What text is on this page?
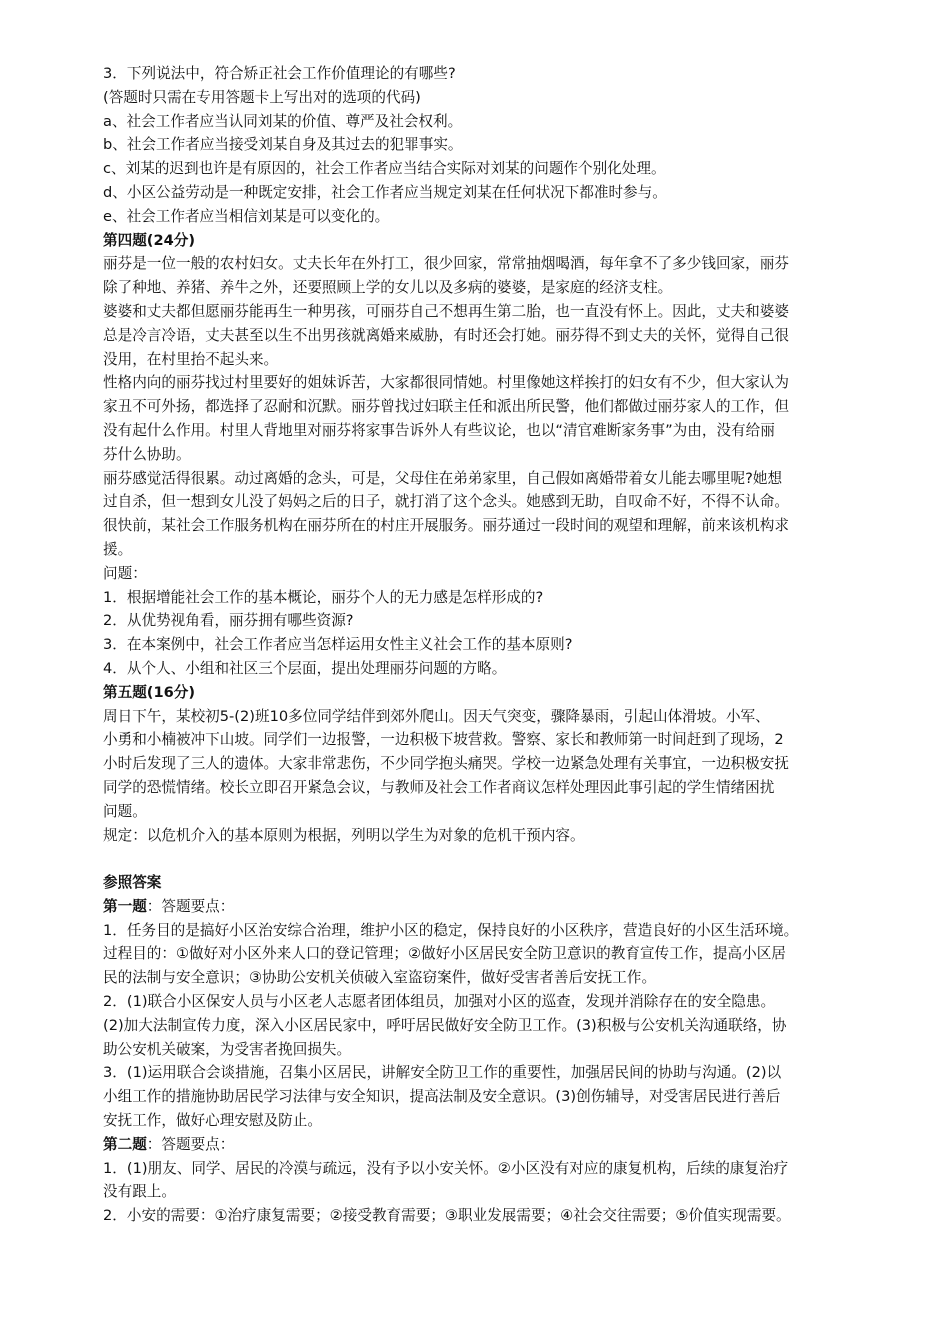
3．下列说法中，符合矫正社会工作价值理论的有哪些?

(答题时只需在专用答题卡上写出对的选项的代码)

a、社会工作者应当认同刘某的价值、尊严及社会权利。

b、社会工作者应当接受刘某自身及其过去的犯罪事实。

c、刘某的迟到也许是有原因的，社会工作者应当结合实际对刘某的问题作个别化处理。

d、小区公益劳动是一种既定安排，社会工作者应当规定刘某在任何状况下都准时参与。

e、社会工作者应当相信刘某是可以变化的。

第四题(24分)

丽芬是一位一般的农村妇女。丈夫长年在外打工，很少回家，常常抽烟喝酒，每年拿不了多少钱回家，丽芬

除了种地、养猪、养牛之外，还要照顾上学的女儿以及多病的婆婆，是家庭的经济支柱。

婆婆和丈夫都但愿丽芬能再生一种男孩，可丽芬自己不想再生第二胎，也一直没有怀上。因此，丈夫和婆婆

总是冷言冷语，丈夫甚至以生不出男孩就离婚来威胁，有时还会打她。丽芬得不到丈夫的关怀，觉得自己很

没用，在村里抬不起头来。

性格内向的丽芬找过村里要好的姐妹诉苦，大家都很同情她。村里像她这样挨打的妇女有不少，但大家认为

家丑不可外扬，都选择了忍耐和沉默。丽芬曾找过妇联主任和派出所民警，他们都做过丽芬家人的工作，但

没有起什么作用。村里人背地里对丽芬将家事告诉外人有些议论，也以“清官难断家务事”为由，没有给丽

芬什么协助。

丽芬感觉活得很累。动过离婚的念头，可是，父母住在弟弟家里，自己假如离婚带着女儿能去哪里呢?她想

过自杀，但一想到女儿没了妈妈之后的日子，就打消了这个念头。她感到无助，自叹命不好，不得不认命。

很快前，某社会工作服务机构在丽芬所在的村庄开展服务。丽芬通过一段时间的观望和理解，前来该机构求

援。

问题：

1．根据增能社会工作的基本概论，丽芬个人的无力感是怎样形成的?

2．从优势视角看，丽芬拥有哪些资源?

3．在本案例中，社会工作者应当怎样运用女性主义社会工作的基本原则?

4．从个人、小组和社区三个层面，提出处理丽芬问题的方略。

第五题(16分)

周日下午，某校初5-(2)班10多位同学结伴到郊外爬山。因天气突变，骤降暴雨，引起山体滑坡。小军、

小勇和小楠被冲下山坡。同学们一边报警，一边积极下坡营救。警察、家长和教师第一时间赶到了现场，2

小时后发现了三人的遗体。大家非常悲伤，不少同学抱头痛哭。学校一边紧急处理有关事宜，一边积极安抚

同学的恐慌情绪。校长立即召开紧急会议，与教师及社会工作者商议怎样处理因此事引起的学生情绪困扰

问题。

规定：以危机介入的基本原则为根据，列明以学生为对象的危机干预内容。

参照答案

第一题：答题要点：

1．任务目的是搞好小区治安综合治理，维护小区的稳定，保持良好的小区秩序，营造良好的小区生活环境。

过程目的：①做好对小区外来人口的登记管理；②做好小区居民安全防卫意识的教育宣传工作，提高小区居

民的法制与安全意识；③协助公安机关侦破入室盗窃案件，做好受害者善后安抚工作。

2．(1)联合小区保安人员与小区老人志愿者团体组员，加强对小区的巡查，发现并消除存在的安全隐患。

(2)加大法制宣传力度，深入小区居民家中，呼吁居民做好安全防卫工作。(3)积极与公安机关沟通联络，协

助公安机关破案，为受害者挽回损失。

3．(1)运用联合会谈措施，召集小区居民，讲解安全防卫工作的重要性，加强居民间的协助与沟通。(2)以

小组工作的措施协助居民学习法律与安全知识，提高法制及安全意识。(3)创伤辅导，对受害居民进行善后

安抚工作，做好心理安慰及防止。

第二题：答题要点：

1．(1)朋友、同学、居民的冷漠与疏远，没有予以小安关怀。②小区没有对应的康复机构，后续的康复治疗

没有跟上。

2．小安的需要：①治疗康复需要；②接受教育需要；③职业发展需要；④社会交往需要；⑤价值实现需要。
